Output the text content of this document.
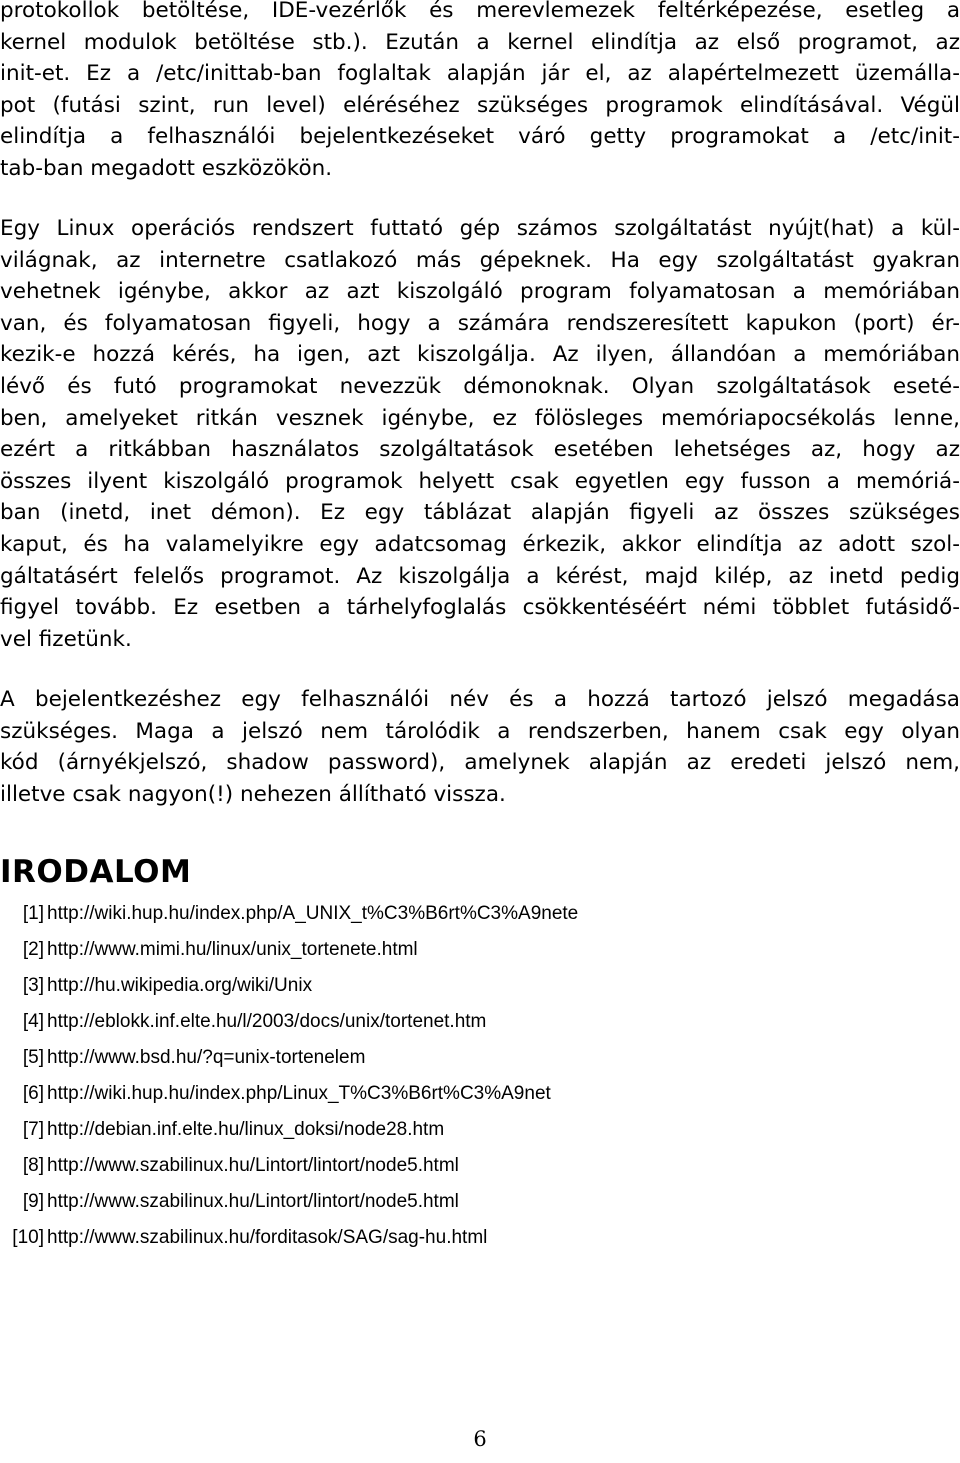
protokollok betöltése, IDE-vezérlők és merevlemezek feltérképezése, esetleg a
kernel modulok betöltése stb.). Ezután a kernel elindítja az első programot, az
init-et. Ez a /etc/inittab-ban foglaltak alapján jár el, az alapértelmezett üzemálla-
pot (futási szint, run level) eléréséhez szükséges programok elindításával. Végül
elindítja a felhasználói bejelentkezéseket váró getty programokat a /etc/init-
tab-ban megadott eszközökön.
Egy Linux operációs rendszert futtató gép számos szolgáltatást nyújt(hat) a kül-
világnak, az internetre csatlakozó más gépeknek. Ha egy szolgáltatást gyakran
vehetnek igénybe, akkor az azt kiszolgáló program folyamatosan a memóriában
van, és folyamatosan figyeli, hogy a számára rendszeresített kapukon (port) ér-
kezik-e hozzá kérés, ha igen, azt kiszolgálja. Az ilyen, állandóan a memóriában
lévő és futó programokat nevezzük démonoknak. Olyan szolgáltatások eseté-
ben, amelyeket ritkán vesznek igénybe, ez fölösleges memóriapocsékolás lenne,
ezért a ritkábban használatos szolgáltatások esetében lehetséges az, hogy az
összes ilyent kiszolgáló programok helyett csak egyetlen egy fusson a memóriá-
ban (inetd, inet démon). Ez egy táblázat alapján figyeli az összes szükséges
kaput, és ha valamelyikre egy adatcsomag érkezik, akkor elindítja az adott szol-
gáltatásért felelős programot. Az kiszolgálja a kérést, majd kilép, az inetd pedig
figyel tovább. Ez esetben a tárhelyfoglalás csökkentéséért némi többlet futásidő-
vel fizetünk.
A bejelentkezéshez egy felhasználói név és a hozzá tartozó jelszó megadása
szükséges. Maga a jelszó nem tárolódik a rendszerben, hanem csak egy olyan
kód (árnyékjelszó, shadow password), amelynek alapján az eredeti jelszó nem,
illetve csak nagyon(!) nehezen állítható vissza.
IRODALOM
[1] http://wiki.hup.hu/index.php/A_UNIX_t%C3%B6rt%C3%A9nete
[2] http://www.mimi.hu/linux/unix_tortenete.html
[3] http://hu.wikipedia.org/wiki/Unix
[4] http://eblokk.inf.elte.hu/l/2003/docs/unix/tortenet.htm
[5] http://www.bsd.hu/?q=unix-tortenelem
[6] http://wiki.hup.hu/index.php/Linux_T%C3%B6rt%C3%A9net
[7] http://debian.inf.elte.hu/linux_doksi/node28.htm
[8] http://www.szabilinux.hu/Lintort/lintort/node5.html
[9] http://www.szabilinux.hu/Lintort/lintort/node5.html
[10] http://www.szabilinux.hu/forditasok/SAG/sag-hu.html
6
